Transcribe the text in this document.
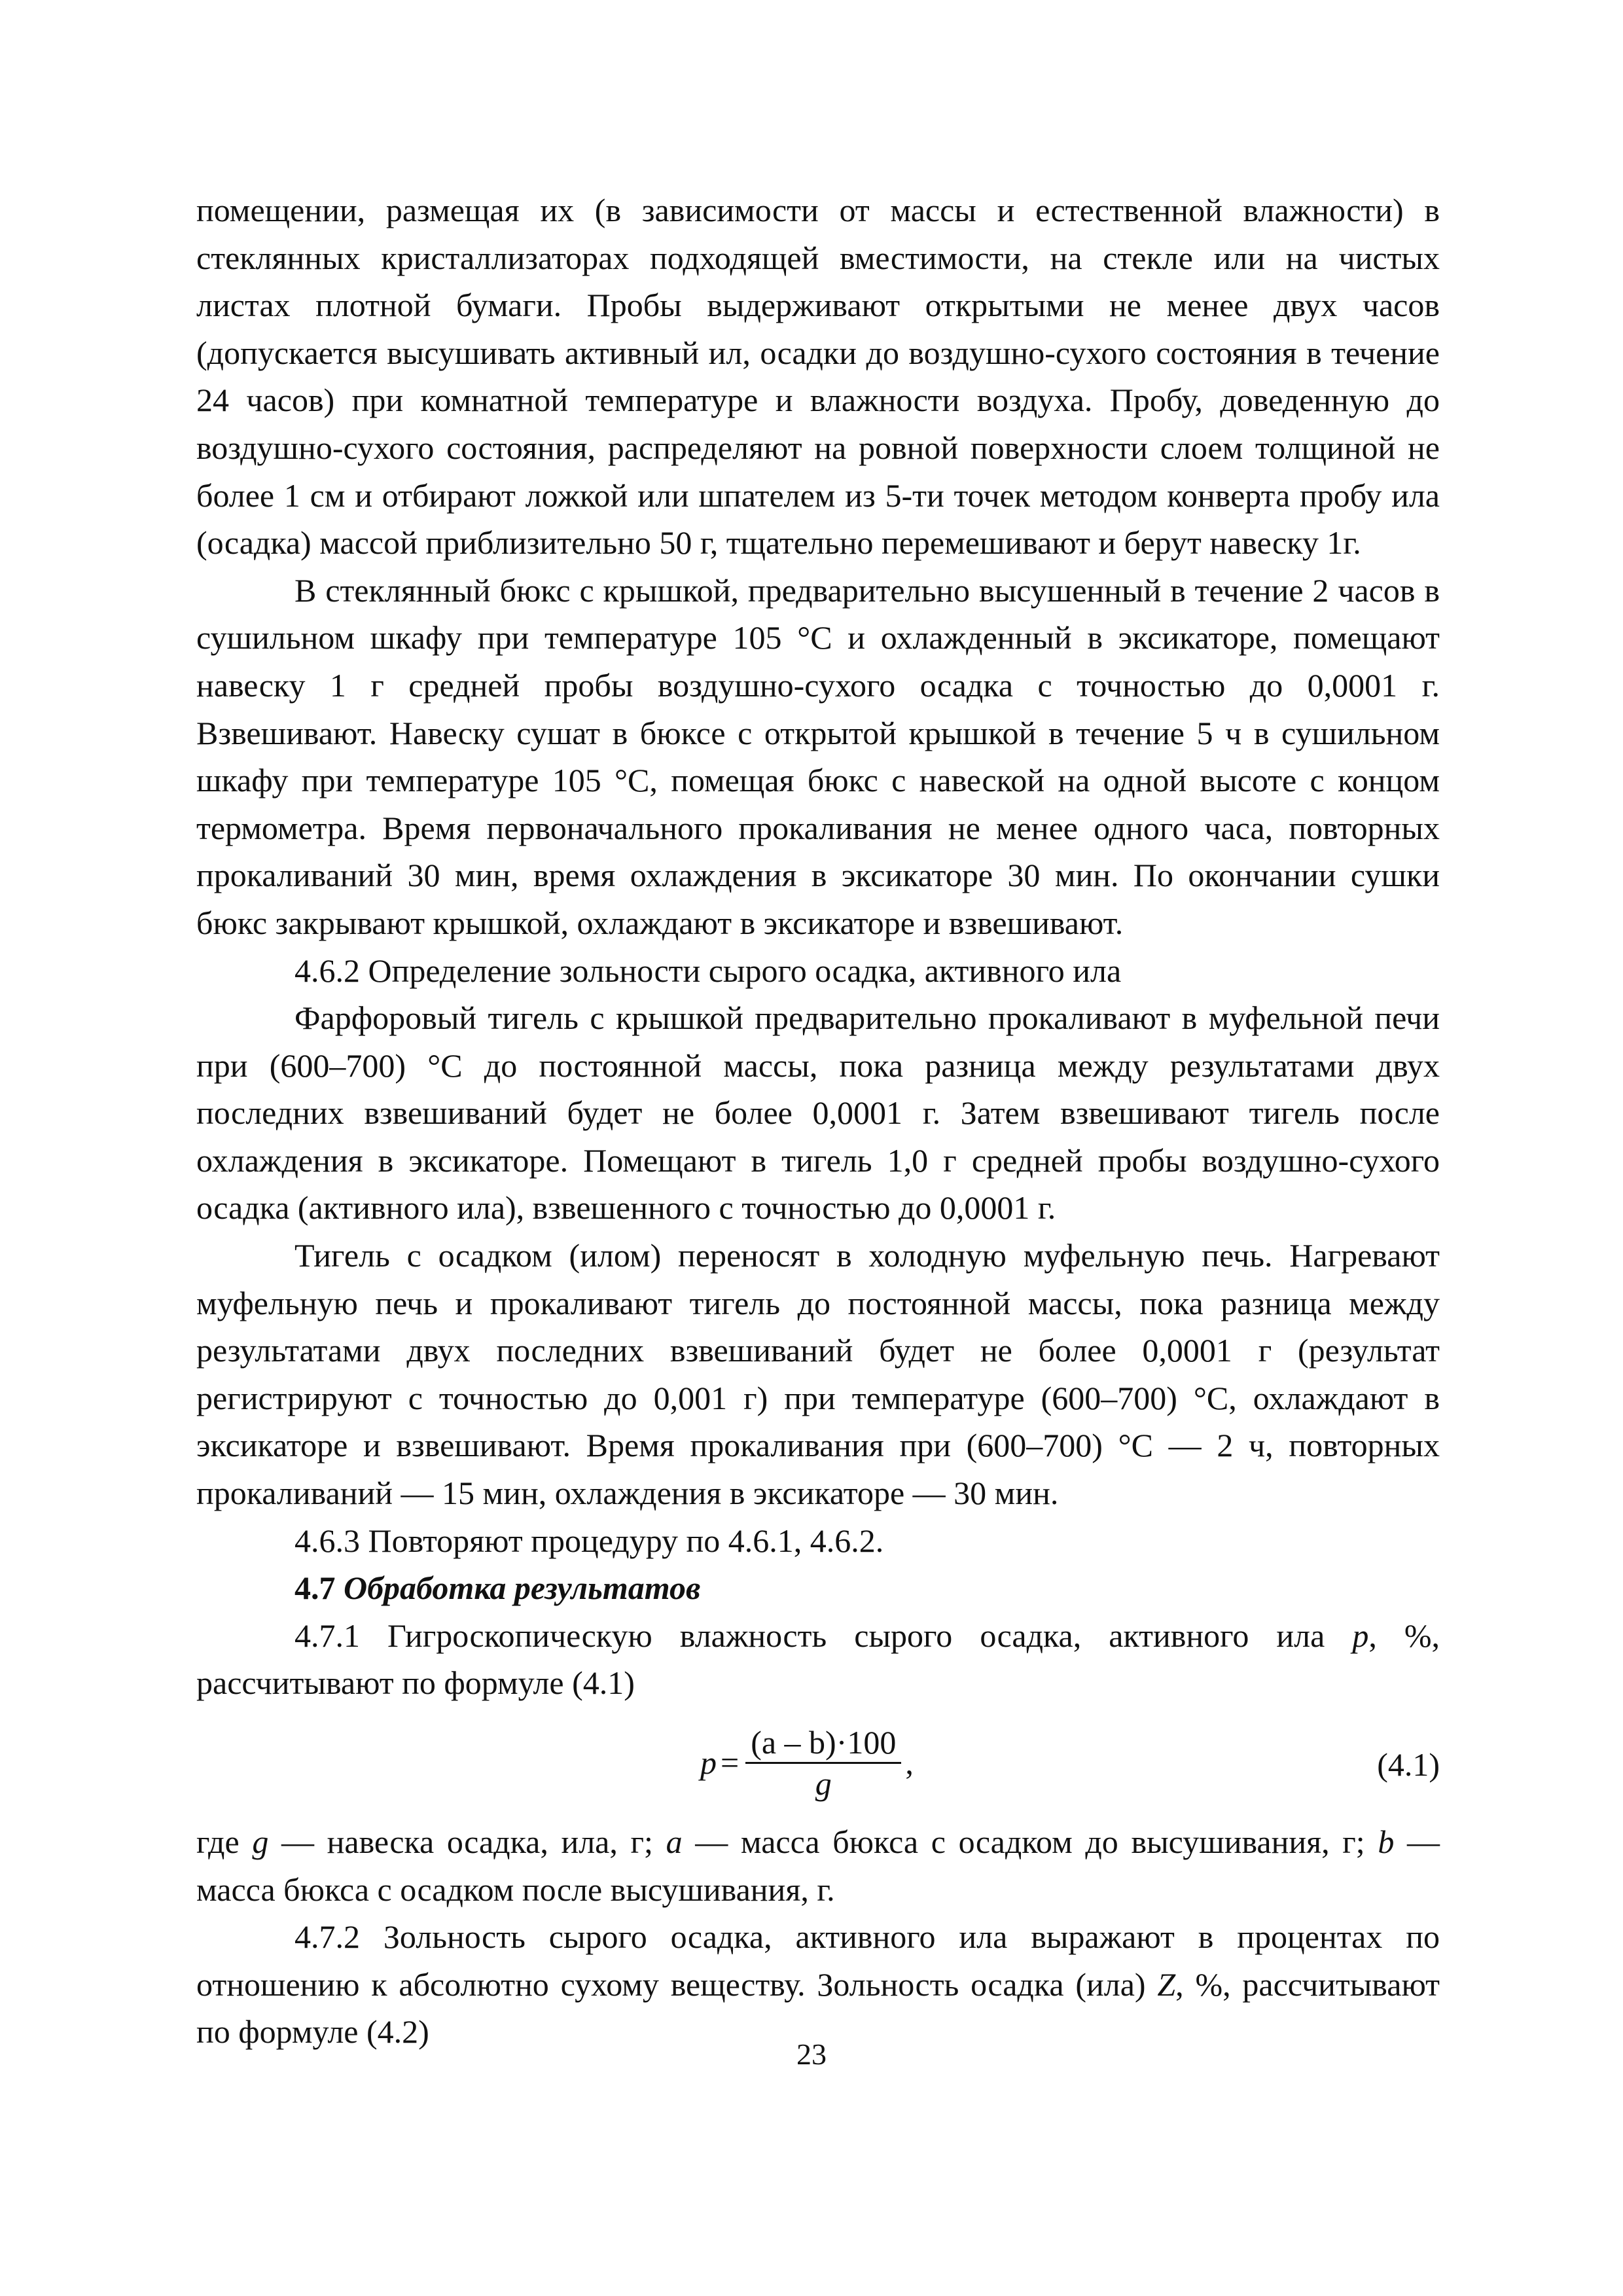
помещении, размещая их (в зависимости от массы и естественной влажности) в стеклянных кристаллизаторах подходящей вместимости, на стекле или на чистых листах плотной бумаги. Пробы выдерживают открытыми не менее двух часов (допускается высушивать активный ил, осадки до воздушно-сухого состояния в течение 24 часов) при комнатной температуре и влажности воздуха. Пробу, доведенную до воздушно-сухого состояния, распределяют на ровной поверхности слоем толщиной не более 1 см и отбирают ложкой или шпателем из 5-ти точек методом конверта пробу ила (осадка) массой приблизительно 50 г, тщательно перемешивают и берут навеску 1г.

В стеклянный бюкс с крышкой, предварительно высушенный в течение 2 часов в сушильном шкафу при температуре 105 °С и охлажденный в эксикаторе, помещают навеску 1 г средней пробы воздушно-сухого осадка с точностью до 0,0001 г. Взвешивают. Навеску сушат в бюксе с открытой крышкой в течение 5 ч в сушильном шкафу при температуре 105 °С, помещая бюкс с навеской на одной высоте с концом термометра. Время первоначального прокаливания не менее одного часа, повторных прокаливаний 30 мин, время охлаждения в эксикаторе 30 мин. По окончании сушки бюкс закрывают крышкой, охлаждают в эксикаторе и взвешивают.

4.6.2 Определение зольности сырого осадка, активного ила

Фарфоровый тигель с крышкой предварительно прокаливают в муфельной печи при (600–700) °С до постоянной массы, пока разница между результатами двух последних взвешиваний будет не более 0,0001 г. Затем взвешивают тигель после охлаждения в эксикаторе. Помещают в тигель 1,0 г средней пробы воздушно-сухого осадка (активного ила), взвешенного с точностью до 0,0001 г.

Тигель с осадком (илом) переносят в холодную муфельную печь. Нагревают муфельную печь и прокаливают тигель до постоянной массы, пока разница между результатами двух последних взвешиваний будет не более 0,0001 г (результат регистрируют с точностью до 0,001 г) при температуре (600–700) °С, охлаждают в эксикаторе и взвешивают. Время прокаливания при (600–700) °С — 2 ч, повторных прокаливаний — 15 мин, охлаждения в эксикаторе — 30 мин.

4.6.3 Повторяют процедуру по 4.6.1, 4.6.2.

4.7 Обработка результатов

4.7.1 Гигроскопическую влажность сырого осадка, активного ила p, %, рассчитывают по формуле (4.1)

$p = \frac{(a - b)\cdot 100}{g}$ ,	(4.1)

где g — навеска осадка, ила, г; a — масса бюкса с осадком до высушивания, г; b — масса бюкса с осадком после высушивания, г.

4.7.2 Зольность сырого осадка, активного ила выражают в процентах по отношению к абсолютно сухому веществу. Зольность осадка (ила) Z, %, рассчитывают по формуле (4.2)

23
